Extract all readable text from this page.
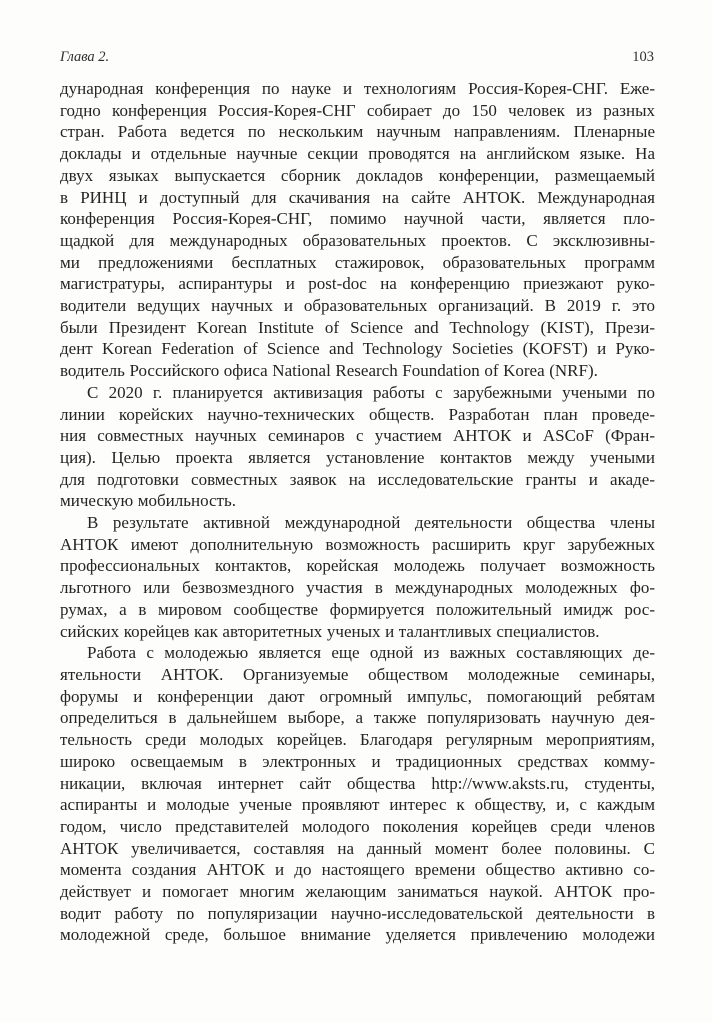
Глава 2.	103
дународная конференция по науке и технологиям Россия-Корея-СНГ. Еже-
годно конференция Россия-Корея-СНГ собирает до 150 человек из разных
стран. Работа ведется по нескольким научным направлениям. Пленарные
доклады и отдельные научные секции проводятся на английском языке. На
двух языках выпускается сборник докладов конференции, размещаемый
в РИНЦ и доступный для скачивания на сайте АНТОК. Международная
конференция Россия-Корея-СНГ, помимо научной части, является пло-
щадкой для международных образовательных проектов. С эксклюзивны-
ми предложениями бесплатных стажировок, образовательных программ
магистратуры, аспирантуры и post-doc на конференцию приезжают руко-
водители ведущих научных и образовательных организаций. В 2019 г. это
были Президент Korean Institute of Science and Technology (KIST), Прези-
дент Korean Federation of Science and Technology Societies (KOFST) и Руко-
водитель Российского офиса National Research Foundation of Korea (NRF).
С 2020 г. планируется активизация работы с зарубежными учеными по
линии корейских научно-технических обществ. Разработан план проведе-
ния совместных научных семинаров с участием АНТОК и ASCoF (Фран-
ция). Целью проекта является установление контактов между учеными
для подготовки совместных заявок на исследовательские гранты и акаде-
мическую мобильность.
В результате активной международной деятельности общества члены
АНТОК имеют дополнительную возможность расширить круг зарубежных
профессиональных контактов, корейская молодежь получает возможность
льготного или безвозмездного участия в международных молодежных фо-
румах, а в мировом сообществе формируется положительный имидж рос-
сийских корейцев как авторитетных ученых и талантливых специалистов.
Работа с молодежью является еще одной из важных составляющих де-
ятельности АНТОК. Организуемые обществом молодежные семинары,
форумы и конференции дают огромный импульс, помогающий ребятам
определиться в дальнейшем выборе, а также популяризовать научную дея-
тельность среди молодых корейцев. Благодаря регулярным мероприятиям,
широко освещаемым в электронных и традиционных средствах комму-
никации, включая интернет сайт общества http://www.aksts.ru, студенты,
аспиранты и молодые ученые проявляют интерес к обществу, и, с каждым
годом, число представителей молодого поколения корейцев среди членов
АНТОК увеличивается, составляя на данный момент более половины. С
момента создания АНТОК и до настоящего времени общество активно со-
действует и помогает многим желающим заниматься наукой. АНТОК про-
водит работу по популяризации научно-исследовательской деятельности в
молодежной среде, большое внимание уделяется привлечению молодежи
